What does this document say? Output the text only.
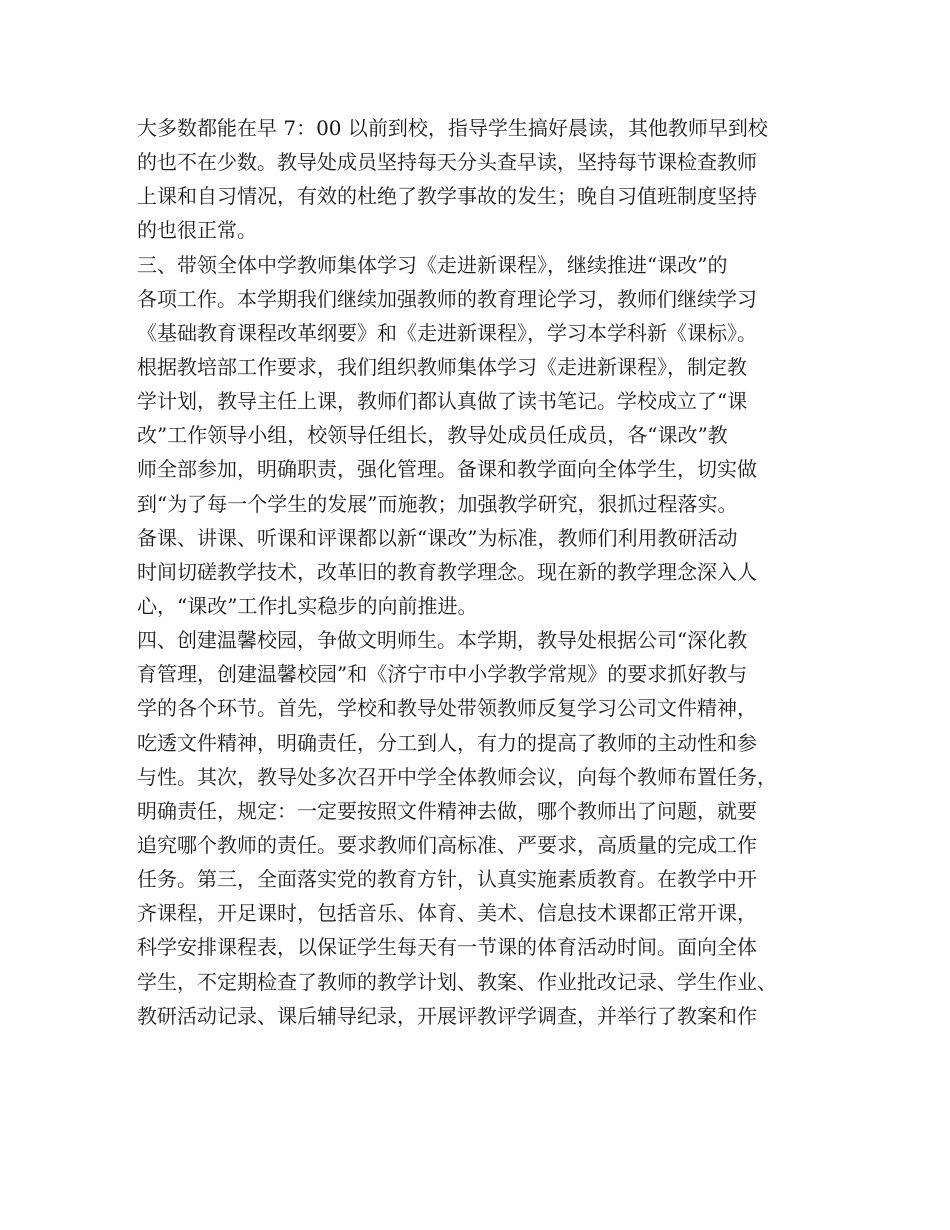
大多数都能在早 7：00 以前到校，指导学生搞好晨读，其他教师早到校
的也不在少数。教导处成员坚持每天分头查早读，坚持每节课检查教师
上课和自习情况，有效的杜绝了教学事故的发生；晚自习值班制度坚持
的也很正常。
三、带领全体中学教师集体学习《走进新课程》，继续推进“课改”的
各项工作。本学期我们继续加强教师的教育理论学习，教师们继续学习
《基础教育课程改革纲要》和《走进新课程》，学习本学科新《课标》。
根据教培部工作要求，我们组织教师集体学习《走进新课程》，制定教
学计划，教导主任上课，教师们都认真做了读书笔记。学校成立了“课
改”工作领导小组，校领导任组长，教导处成员任成员，各“课改”教
师全部参加，明确职责，强化管理。备课和教学面向全体学生，切实做
到“为了每一个学生的发展”而施教；加强教学研究，狠抓过程落实。
备课、讲课、听课和评课都以新“课改”为标准，教师们利用教研活动
时间切磋教学技术，改革旧的教育教学理念。现在新的教学理念深入人
心，“课改”工作扎实稳步的向前推进。
四、创建温馨校园，争做文明师生。本学期，教导处根据公司“深化教
育管理，创建温馨校园”和《济宁市中小学教学常规》的要求抓好教与
学的各个环节。首先，学校和教导处带领教师反复学习公司文件精神，
吃透文件精神，明确责任，分工到人，有力的提高了教师的主动性和参
与性。其次，教导处多次召开中学全体教师会议，向每个教师布置任务，
明确责任，规定：一定要按照文件精神去做，哪个教师出了问题，就要
追究哪个教师的责任。要求教师们高标准、严要求，高质量的完成工作
任务。第三，全面落实党的教育方针，认真实施素质教育。在教学中开
齐课程，开足课时，包括音乐、体育、美术、信息技术课都正常开课，
科学安排课程表，以保证学生每天有一节课的体育活动时间。面向全体
学生，不定期检查了教师的教学计划、教案、作业批改记录、学生作业、
教研活动记录、课后辅导纪录，开展评教评学调查，并举行了教案和作
